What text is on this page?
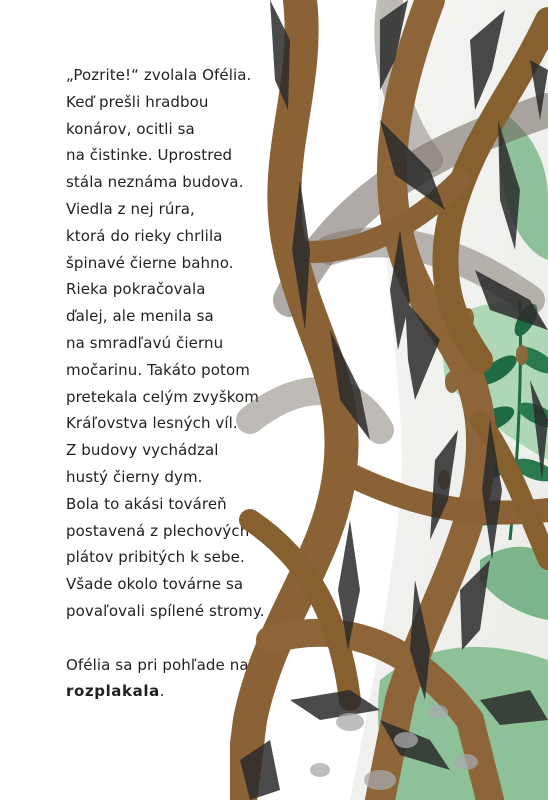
„Pozrite!“ zvolala Ofélia.
Keď prešli hradbou
konárov, ocitli sa
na čistinke. Uprostred
stála neznáma budova.
Viedla z nej rúra,
ktorá do rieky chrlila
špinavé čierne bahno.
Rieka pokračovala
ďalej, ale menila sa
na smradľavú čiernu
močarinu. Takáto potom
pretekala celým zvyškom
Kráľovstva lesných víl.
Z budovy vychádzal
hustý čierny dym.
Bola to akási továreň
postavená z plechových
plátov pribitých k sebe.
Všade okolo továrne sa
povaľovali spílené stromy.
Ofélia sa pri pohľade na to
rozplakala.
